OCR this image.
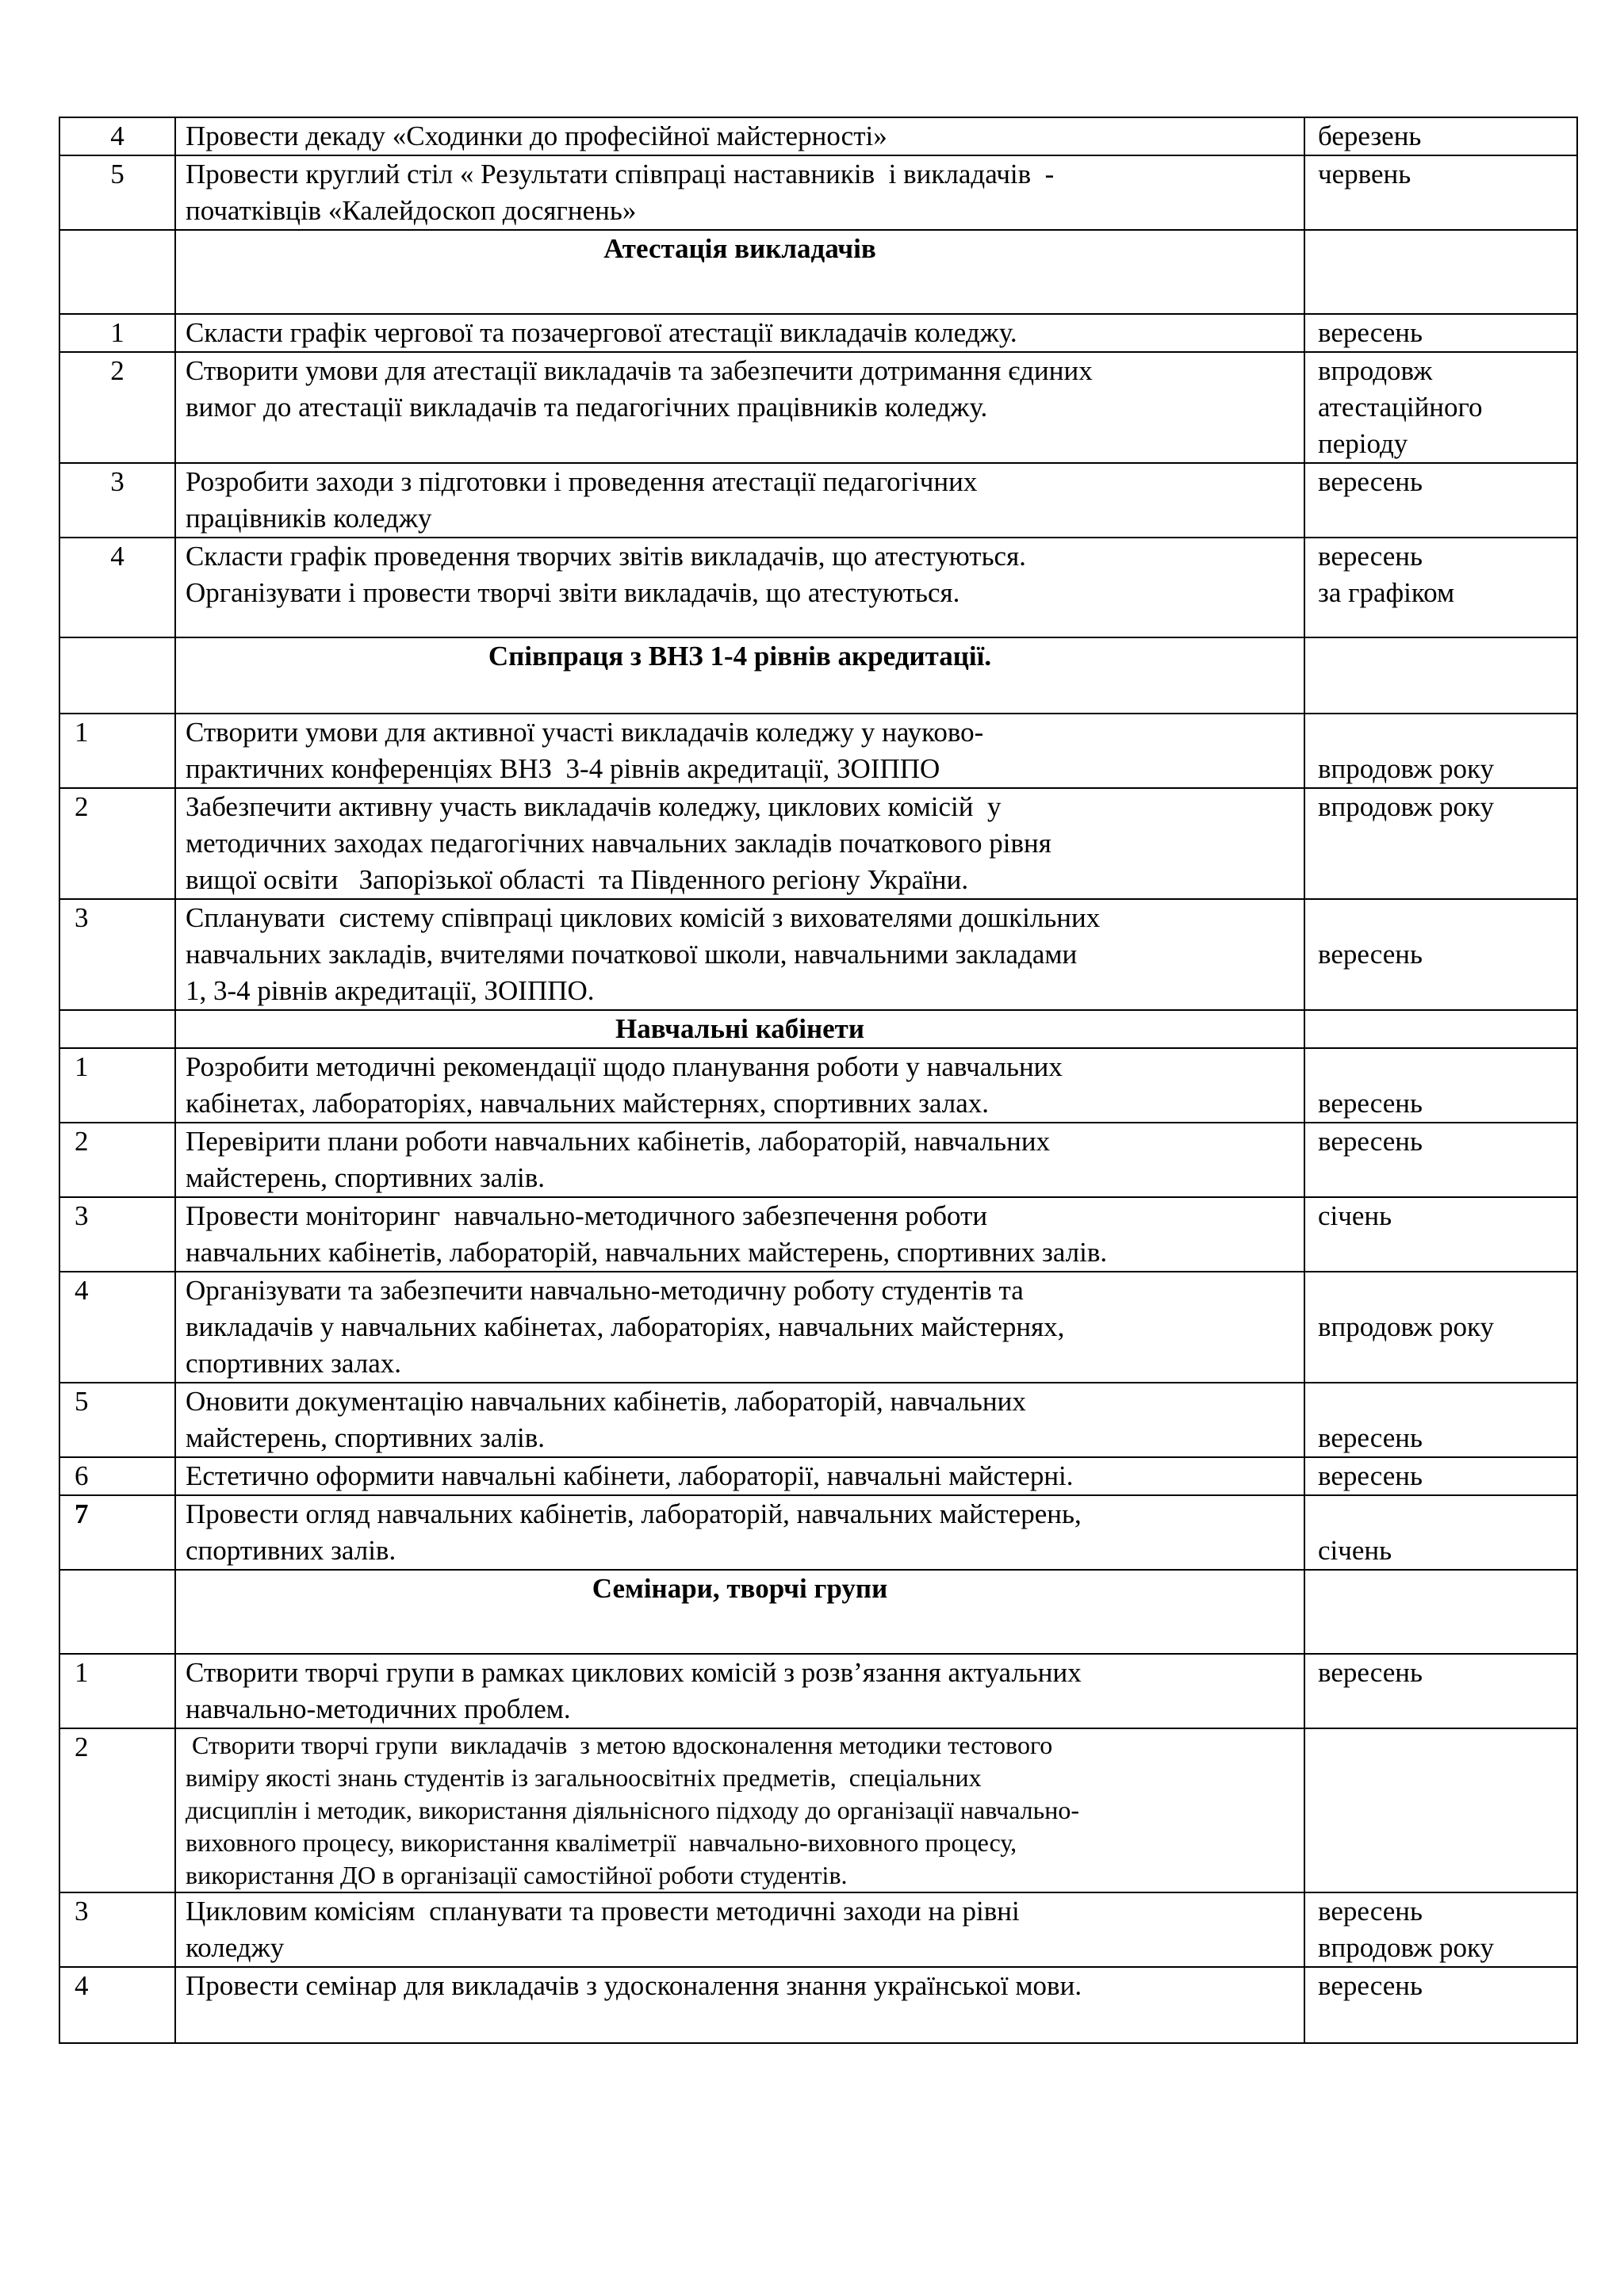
4	Провести декаду «Сходинки до професійної майстерності»	березень

5	Провести круглий стіл « Результати співпраці наставників  і викладачів  -
початківців «Калейдоскоп досягнень»	червень

	Атестація викладачів	
1	Скласти графік чергової та позачергової атестації викладачів коледжу.	вересень

2	Створити умови для атестації викладачів та забезпечити дотримання єдиних
вимог до атестації викладачів та педагогічних працівників коледжу.	впродовж
атестаційного
періоду

3	Розробити заходи з підготовки і проведення атестації педагогічних
працівників коледжу	вересень

4	Скласти графік проведення творчих звітів викладачів, що атестуються.
Організувати і провести творчі звіти викладачів, що атестуються.	вересень
за графіком

	Співпраця з ВНЗ 1-4 рівнів акредитації.	
1	Створити умови для активної участі викладачів коледжу у науково-
практичних конференціях ВНЗ  3-4 рівнів акредитації, ЗОІППО	впродовж року

2	Забезпечити активну участь викладачів коледжу, циклових комісій  у
методичних заходах педагогічних навчальних закладів початкового рівня
вищої освіти   Запорізької області  та Південного регіону України.	впродовж року

3	Спланувати  систему співпраці циклових комісій з вихователями дошкільних
навчальних закладів, вчителями початкової школи, навчальними закладами
1, 3-4 рівнів акредитації, ЗОІППО.	вересень

	Навчальні кабінети	
1	Розробити методичні рекомендації щодо планування роботи у навчальних
кабінетах, лабораторіях, навчальних майстернях, спортивних залах.	вересень

2	Перевірити плани роботи навчальних кабінетів, лабораторій, навчальних
майстерень, спортивних залів.	вересень

3	Провести моніторинг  навчально-методичного забезпечення роботи
навчальних кабінетів, лабораторій, навчальних майстерень, спортивних залів.	січень

4	Організувати та забезпечити навчально-методичну роботу студентів та
викладачів у навчальних кабінетах, лабораторіях, навчальних майстернях,
спортивних залах.	впродовж року

5	Оновити документацію навчальних кабінетів, лабораторій, навчальних
майстерень, спортивних залів.	вересень

6	Естетично оформити навчальні кабінети, лабораторії, навчальні майстерні.	вересень

7	Провести огляд навчальних кабінетів, лабораторій, навчальних майстерень,
спортивних залів.	січень

	Семінари, творчі групи	
1	Створити творчі групи в рамках циклових комісій з розв’язання актуальних
навчально-методичних проблем.	вересень

2	Створити творчі групи  викладачів  з метою вдосконалення методики тестового
виміру якості знань студентів із загальноосвітніх предметів,  спеціальних
дисциплін і методик, використання діяльнісного підходу до організації навчально-
виховного процесу, використання кваліметрії  навчально-виховного процесу,
використання ДО в організації самостійної роботи студентів.	

3	Цикловим комісіям  спланувати та провести методичні заходи на рівні
коледжу	вересень
впродовж року

4	Провести семінар для викладачів з удосконалення знання української мови.	вересень
